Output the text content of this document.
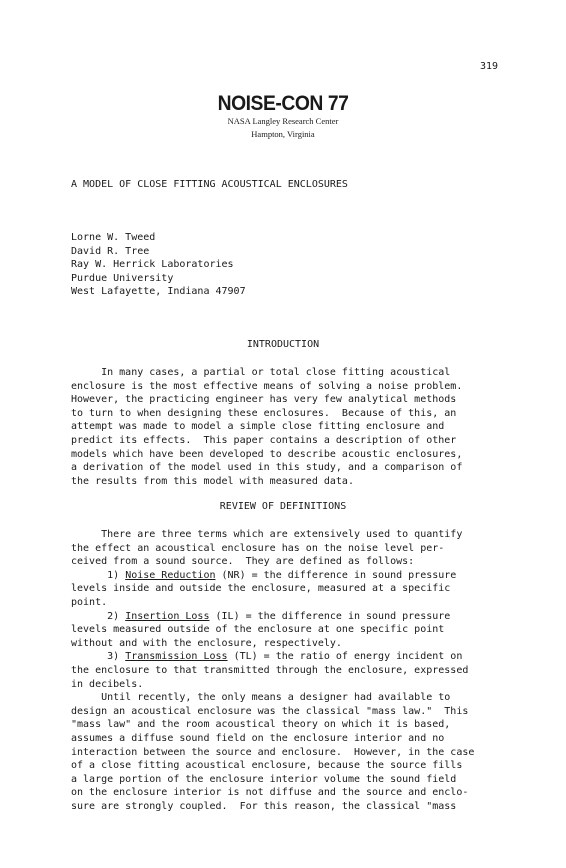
319
NOISE-CON 77
NASA Langley Research Center
Hampton, Virginia
A MODEL OF CLOSE FITTING ACOUSTICAL ENCLOSURES
Lorne W. Tweed
David R. Tree
Ray W. Herrick Laboratories
Purdue University
West Lafayette, Indiana 47907
INTRODUCTION
In many cases, a partial or total close fitting acoustical
enclosure is the most effective means of solving a noise problem.
However, the practicing engineer has very few analytical methods
to turn to when designing these enclosures.  Because of this, an
attempt was made to model a simple close fitting enclosure and
predict its effects.  This paper contains a description of other
models which have been developed to describe acoustic enclosures,
a derivation of the model used in this study, and a comparison of
the results from this model with measured data.
REVIEW OF DEFINITIONS
There are three terms which are extensively used to quantify
the effect an acoustical enclosure has on the noise level per-
ceived from a sound source.  They are defined as follows:
1) Noise Reduction (NR) = the difference in sound pressure
levels inside and outside the enclosure, measured at a specific
point.
2) Insertion Loss (IL) = the difference in sound pressure
levels measured outside of the enclosure at one specific point
without and with the enclosure, respectively.
3) Transmission Loss (TL) = the ratio of energy incident on
the enclosure to that transmitted through the enclosure, expressed
in decibels.
Until recently, the only means a designer had available to
design an acoustical enclosure was the classical "mass law."  This
"mass law" and the room acoustical theory on which it is based,
assumes a diffuse sound field on the enclosure interior and no
interaction between the source and enclosure.  However, in the case
of a close fitting acoustical enclosure, because the source fills
a large portion of the enclosure interior volume the sound field
on the enclosure interior is not diffuse and the source and enclo-
sure are strongly coupled.  For this reason, the classical "mass
